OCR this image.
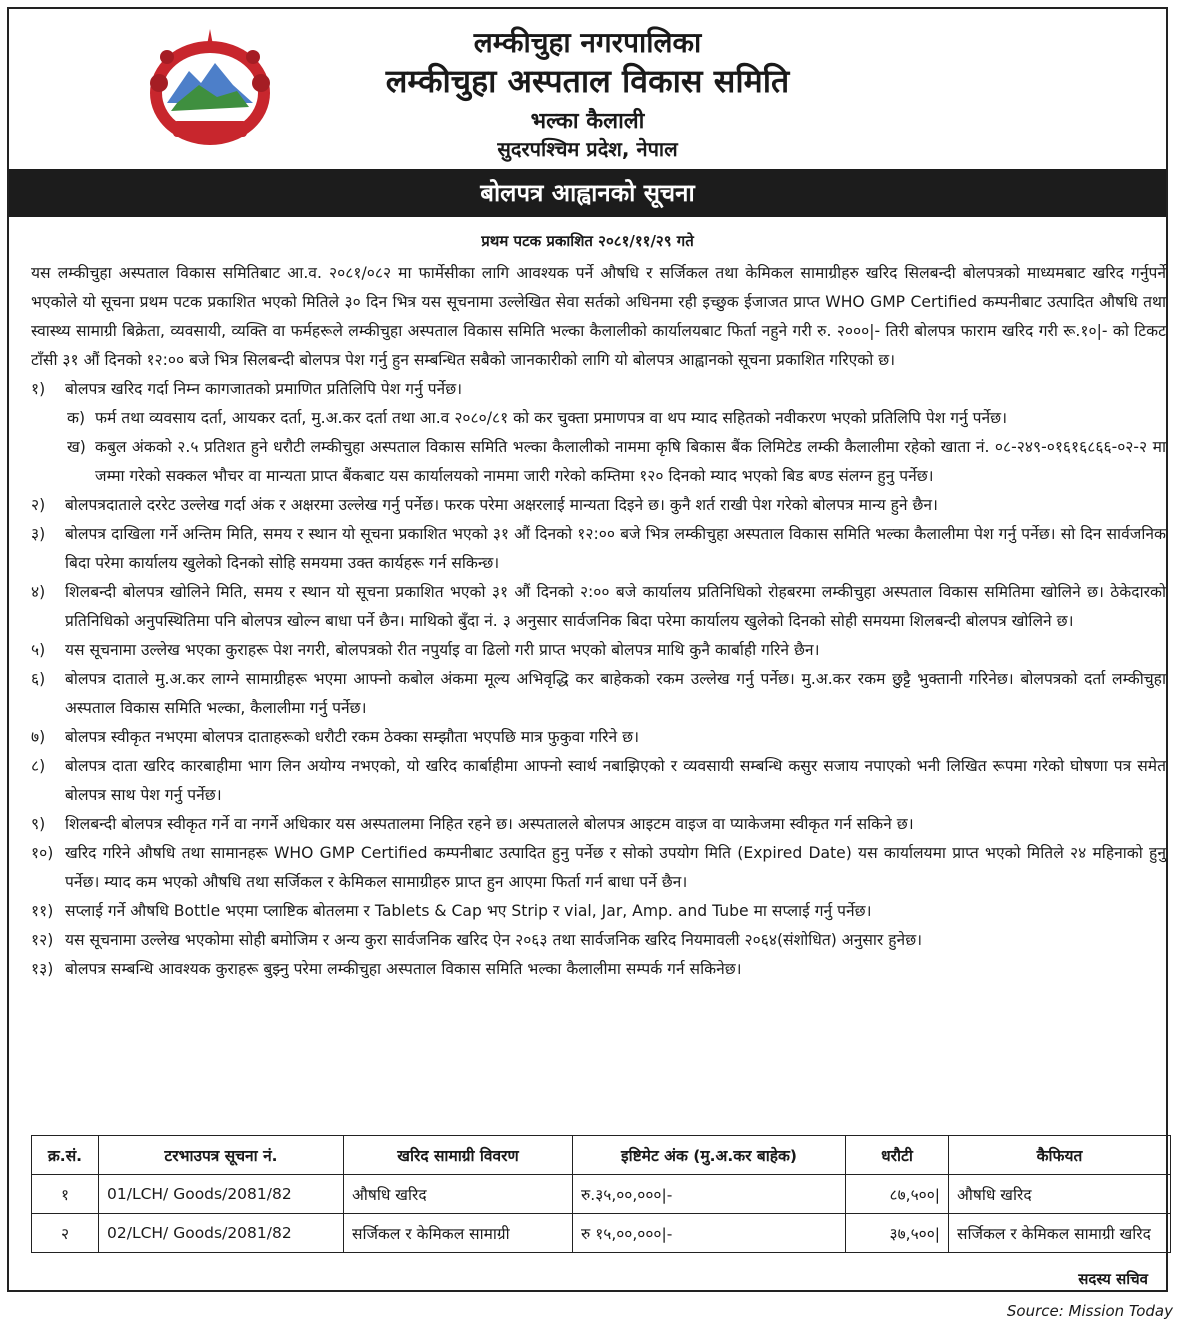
लम्कीचुहा नगरपालिका
लम्कीचुहा अस्पताल विकास समिति
भल्का कैलाली
सुदरपश्चिम प्रदेश, नेपाल
बोलपत्र आह्वानको सूचना
प्रथम पटक प्रकाशित २०८१/११/२९ गते

यस लम्कीचुहा अस्पताल विकास समितिबाट आ.व. २०८१/०८२ मा फार्मेसीका लागि आवश्यक पर्ने औषधि र सर्जिकल तथा केमिकल सामाग्रीहरु खरिद सिलबन्दी बोलपत्रको माध्यमबाट खरिद गर्नुपर्ने भएकोले यो सूचना प्रथम पटक प्रकाशित भएको मितिले ३० दिन भित्र यस सूचनामा उल्लेखित सेवा सर्तको अधिनमा रही इच्छुक ईजाजत प्राप्त WHO GMP Certified कम्पनीबाट उत्पादित औषधि तथा स्वास्थ्य सामाग्री बिक्रेता, व्यवसायी, व्यक्ति वा फर्महरूले लम्कीचुहा अस्पताल विकास समिति भल्का कैलालीको कार्यालयबाट फिर्ता नहुने गरी रु. २०००|- तिरी बोलपत्र फाराम खरिद गरी रू.१०|- को टिकट टाँसी ३१ औं दिनको १२:०० बजे भित्र सिलबन्दी बोलपत्र पेश गर्नु हुन सम्बन्धित सबैको जानकारीको लागि यो बोलपत्र आह्वानको सूचना प्रकाशित गरिएको छ।

१)	बोलपत्र खरिद गर्दा निम्न कागजातको प्रमाणित प्रतिलिपि पेश गर्नु पर्नेछ।
क) फर्म तथा व्यवसाय दर्ता, आयकर दर्ता, मु.अ.कर दर्ता तथा आ.व २०८०/८१ को कर चुक्ता प्रमाणपत्र वा थप म्याद सहितको नवीकरण भएको प्रतिलिपि पेश गर्नु पर्नेछ।
ख) कबुल अंकको २.५ प्रतिशत हुने धरौटी लम्कीचुहा अस्पताल विकास समिति भल्का कैलालीको नाममा कृषि बिकास बैंक लिमिटेड लम्की कैलालीमा रहेको खाता नं. ०८-२४९-०१६१६८६६-०२-२ मा जम्मा गरेको सक्कल भौचर वा मान्यता प्राप्त बैंकबाट यस कार्यालयको नाममा जारी गरेको कम्तिमा १२० दिनको म्याद भएको बिड बण्ड संलग्न हुनु पर्नेछ।
२)	बोलपत्रदाताले दररेट उल्लेख गर्दा अंक र अक्षरमा उल्लेख गर्नु पर्नेछ। फरक परेमा अक्षरलाई मान्यता दिइने छ। कुनै शर्त राखी पेश गरेको बोलपत्र मान्य हुने छैन।
३)	बोलपत्र दाखिला गर्ने अन्तिम मिति, समय र स्थान यो सूचना प्रकाशित भएको ३१ औं दिनको १२:०० बजे भित्र लम्कीचुहा अस्पताल विकास समिति भल्का कैलालीमा पेश गर्नु पर्नेछ। सो दिन सार्वजनिक बिदा परेमा कार्यालय खुलेको दिनको सोहि समयमा उक्त कार्यहरू गर्न सकिन्छ।
४)	शिलबन्दी बोलपत्र खोलिने मिति, समय र स्थान यो सूचना प्रकाशित भएको ३१ औं दिनको २:०० बजे कार्यालय प्रतिनिधिको रोहबरमा लम्कीचुहा अस्पताल विकास समितिमा खोलिने छ। ठेकेदारको प्रतिनिधिको अनुपस्थितिमा पनि बोलपत्र खोल्न बाधा पर्ने छैन। माथिको बुँदा नं. ३ अनुसार सार्वजनिक बिदा परेमा कार्यालय खुलेको दिनको सोही समयमा शिलबन्दी बोलपत्र खोलिने छ।
५)	यस सूचनामा उल्लेख भएका कुराहरू पेश नगरी, बोलपत्रको रीत नपुर्याइ वा ढिलो गरी प्राप्त भएको बोलपत्र माथि कुनै कार्बाही गरिने छैन।
६)	बोलपत्र दाताले मु.अ.कर लाग्ने सामाग्रीहरू भएमा आफ्नो कबोल अंकमा मूल्य अभिवृद्धि कर बाहेकको रकम उल्लेख गर्नु पर्नेछ। मु.अ.कर रकम छुट्टै भुक्तानी गरिनेछ। बोलपत्रको दर्ता लम्कीचुहा अस्पताल विकास समिति भल्का, कैलालीमा गर्नु पर्नेछ।
७)	बोलपत्र स्वीकृत नभएमा बोलपत्र दाताहरूको धरौटी रकम ठेक्का सम्झौता भएपछि मात्र फुकुवा गरिने छ।
८)	बोलपत्र दाता खरिद कारबाहीमा भाग लिन अयोग्य नभएको, यो खरिद कार्बाहीमा आफ्नो स्वार्थ नबाझिएको र व्यवसायी सम्बन्धि कसुर सजाय नपाएको भनी लिखित रूपमा गरेको घोषणा पत्र समेत बोलपत्र साथ पेश गर्नु पर्नेछ।
९)	शिलबन्दी बोलपत्र स्वीकृत गर्ने वा नगर्ने अधिकार यस अस्पतालमा निहित रहने छ। अस्पतालले बोलपत्र आइटम वाइज वा प्याकेजमा स्वीकृत गर्न सकिने छ।
१०) खरिद गरिने औषधि तथा सामानहरू WHO GMP Certified कम्पनीबाट उत्पादित हुनु पर्नेछ र सोको उपयोग मिति (Expired Date) यस कार्यालयमा प्राप्त भएको मितिले २४ महिनाको हुनु पर्नेछ। म्याद कम भएको औषधि तथा सर्जिकल र केमिकल सामाग्रीहरु प्राप्त हुन आएमा फिर्ता गर्न बाधा पर्ने छैन।
११) सप्लाई गर्ने औषधि Bottle भएमा प्लाष्टिक बोतलमा र Tablets & Cap भए Strip र vial, Jar, Amp. and Tube मा सप्लाई गर्नु पर्नेछ।
१२) यस सूचनामा उल्लेख भएकोमा सोही बमोजिम र अन्य कुरा सार्वजनिक खरिद ऐन २०६३ तथा सार्वजनिक खरिद नियमावली २०६४(संशोधित) अनुसार हुनेछ।
१३) बोलपत्र सम्बन्धि आवश्यक कुराहरू बुझ्नु परेमा लम्कीचुहा अस्पताल विकास समिति भल्का कैलालीमा सम्पर्क गर्न सकिनेछ।
क्र.सं.	टरभाउपत्र सूचना नं.	खरिद सामाग्री विवरण	इष्टिमेट अंक (मु.अ.कर बाहेक)	धरौटी	कैफियत
१	01/LCH/ Goods/2081/82	औषधि खरिद	रु.३५,००,०००|-	८७,५००|	औषधि खरिद
२	02/LCH/ Goods/2081/82	सर्जिकल र केमिकल सामाग्री	रु १५,००,०००|-	३७,५००|	सर्जिकल र केमिकल सामाग्री खरिद
सदस्य सचिव
Source: Mission Today
